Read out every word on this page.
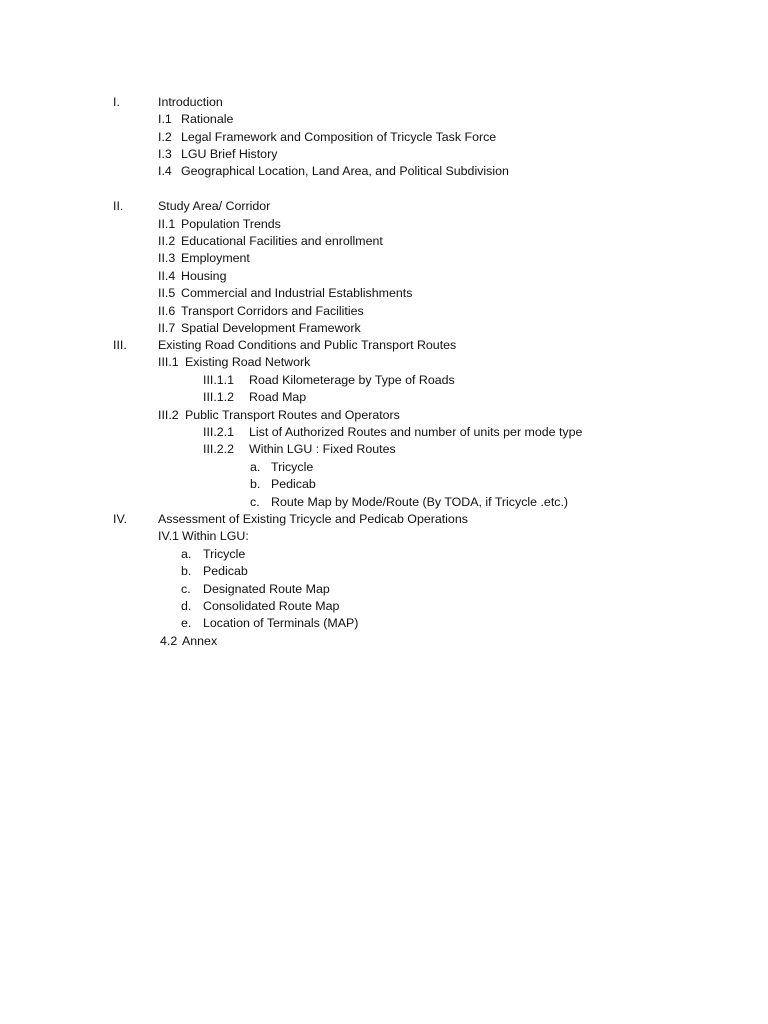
I.	Introduction
I.1 Rationale
I.2 Legal Framework and Composition of Tricycle Task Force
I.3 LGU Brief History
I.4 Geographical Location, Land Area, and Political Subdivision
II.	Study Area/ Corridor
II.1 Population Trends
II.2 Educational Facilities and enrollment
II.3 Employment
II.4 Housing
II.5 Commercial and Industrial Establishments
II.6 Transport Corridors and Facilities
II.7 Spatial Development Framework
III.	Existing Road Conditions and Public Transport Routes
III.1 Existing Road Network
III.1.1 Road Kilometerage by Type of Roads
III.1.2 Road Map
III.2 Public Transport Routes and Operators
III.2.1 List of Authorized Routes and number of units per mode type
III.2.2 Within LGU : Fixed Routes
a. Tricycle
b. Pedicab
c. Route Map by Mode/Route (By TODA, if Tricycle .etc.)
IV. Assessment of Existing Tricycle and Pedicab Operations
IV.1 Within LGU:
a. Tricycle
b. Pedicab
c. Designated Route Map
d. Consolidated Route Map
e. Location of Terminals (MAP)
4.2 Annex
